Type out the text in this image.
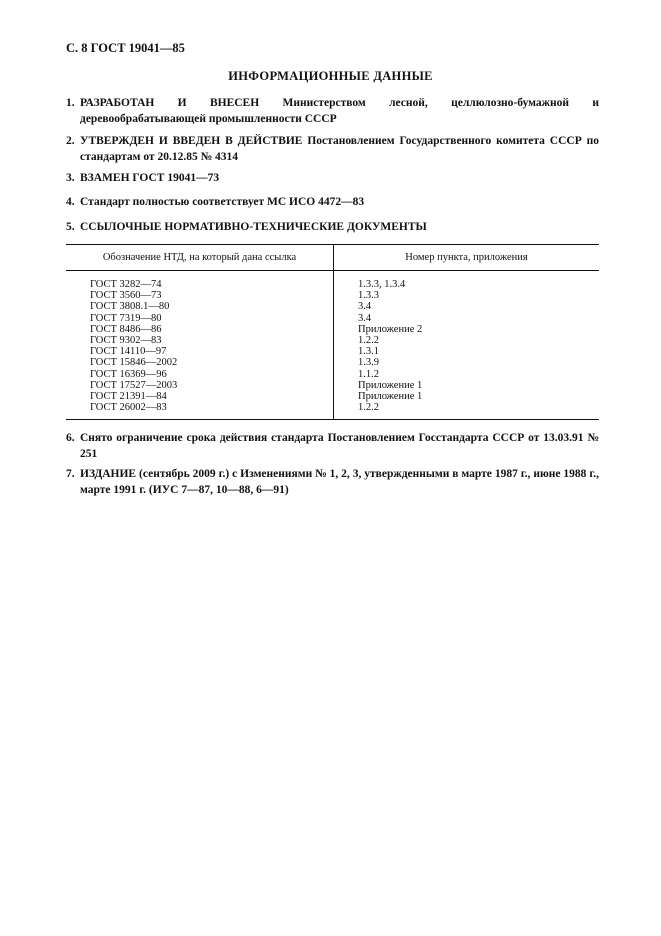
С. 8 ГОСТ 19041—85
ИНФОРМАЦИОННЫЕ ДАННЫЕ
1. РАЗРАБОТАН И ВНЕСЕН Министерством лесной, целлюлозно-бумажной и деревообрабатывающей промышленности СССР
2. УТВЕРЖДЕН И ВВЕДЕН В ДЕЙСТВИЕ Постановлением Государственного комитета СССР по стандартам от 20.12.85 № 4314
3. ВЗАМЕН ГОСТ 19041—73
4. Стандарт полностью соответствует МС ИСО 4472—83
5. ССЫЛОЧНЫЕ НОРМАТИВНО-ТЕХНИЧЕСКИЕ ДОКУМЕНТЫ
Обозначение НТД, на который дана ссылка	Номер пункта, приложения
ГОСТ 3282—74
ГОСТ 3560—73
ГОСТ 3808.1—80
ГОСТ 7319—80
ГОСТ 8486—86
ГОСТ 9302—83
ГОСТ 14110—97
ГОСТ 15846—2002
ГОСТ 16369—96
ГОСТ 17527—2003
ГОСТ 21391—84
ГОСТ 26002—83
1.3.3, 1.3.4
1.3.3
3.4
3.4
Приложение 2
1.2.2
1.3.1
1.3.9
1.1.2
Приложение 1
Приложение 1
1.2.2
6. Снято ограничение срока действия стандарта Постановлением Госстандарта СССР от 13.03.91 № 251
7. ИЗДАНИЕ (сентябрь 2009 г.) с Изменениями № 1, 2, 3, утвержденными в марте 1987 г., июне 1988 г., марте 1991 г. (ИУС 7—87, 10—88, 6—91)
